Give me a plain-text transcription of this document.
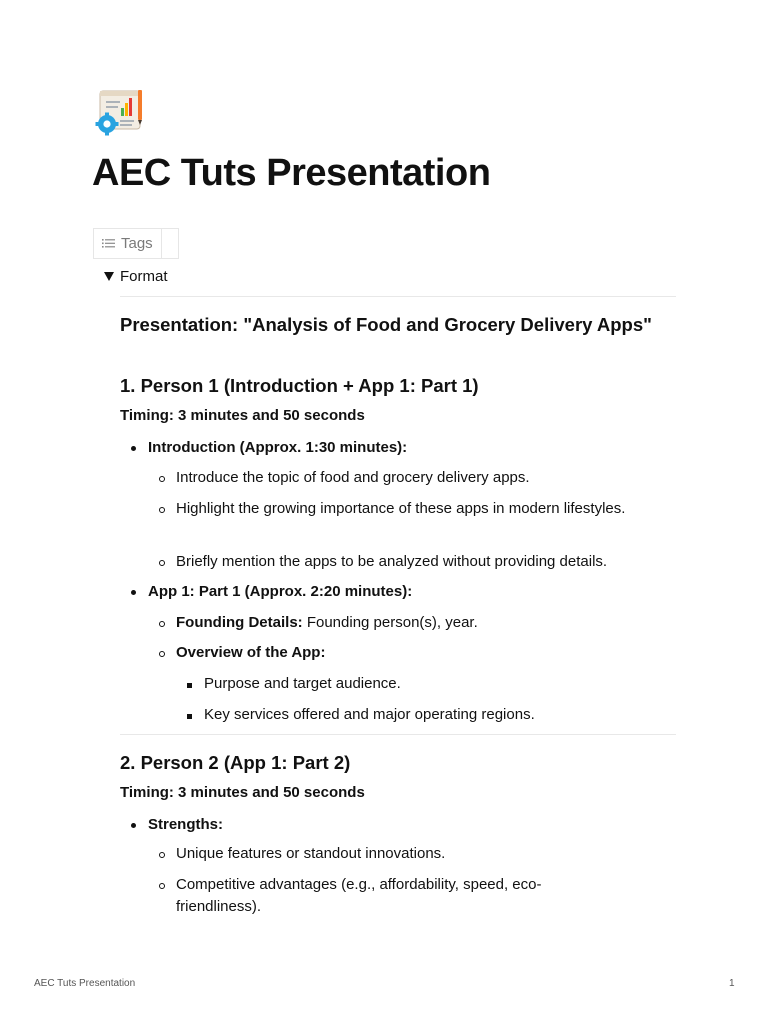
AEC Tuts Presentation
Tags
Format
Presentation: "Analysis of Food and Grocery Delivery Apps"
1. Person 1 (Introduction + App 1: Part 1)
Timing: 3 minutes and 50 seconds
Introduction (Approx. 1:30 minutes):
Introduce the topic of food and grocery delivery apps.
Highlight the growing importance of these apps in modern lifestyles.
Briefly mention the apps to be analyzed without providing details.
App 1: Part 1 (Approx. 2:20 minutes):
Founding Details: Founding person(s), year.
Overview of the App:
Purpose and target audience.
Key services offered and major operating regions.
2. Person 2 (App 1: Part 2)
Timing: 3 minutes and 50 seconds
Strengths:
Unique features or standout innovations.
Competitive advantages (e.g., affordability, speed, eco-friendliness).
AEC Tuts Presentation	1
